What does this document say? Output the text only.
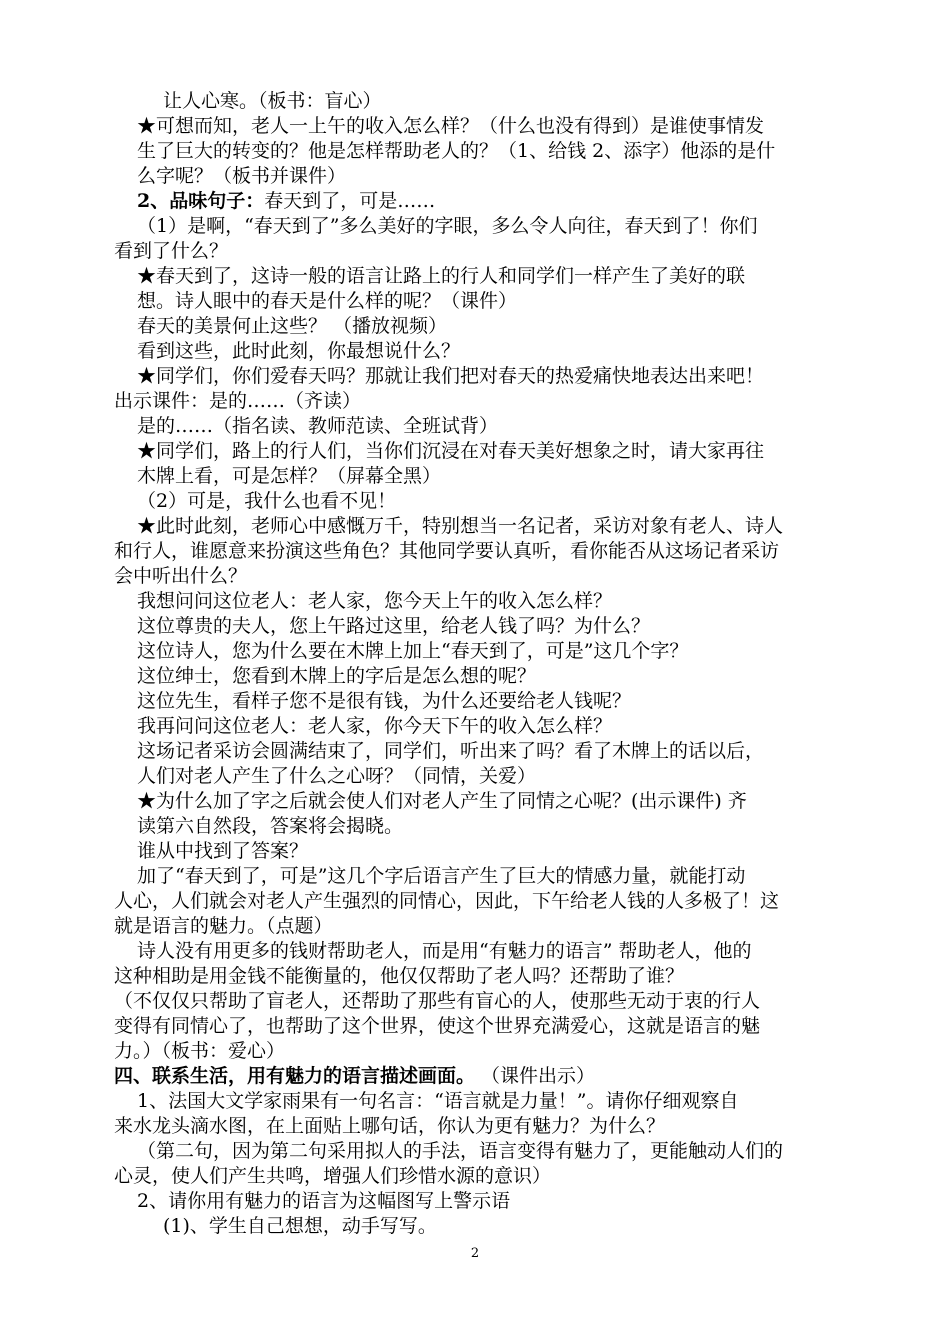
让人心寒。（板书：盲心）
★可想而知，老人一上午的收入怎么样？（什么也没有得到）是谁使事情发
生了巨大的转变的？他是怎样帮助老人的？（1、给钱 2、添字）他添的是什
么字呢？（板书并课件）
2、品味句子：春天到了，可是……
（1）是啊，“春天到了”多么美好的字眼，多么令人向往，春天到了！你们
看到了什么？
★春天到了，这诗一般的语言让路上的行人和同学们一样产生了美好的联
想。诗人眼中的春天是什么样的呢？（课件）
春天的美景何止这些？ （播放视频）
看到这些，此时此刻，你最想说什么？
★同学们，你们爱春天吗？那就让我们把对春天的热爱痛快地表达出来吧！
出示课件：是的……（齐读）
是的……（指名读、教师范读、全班试背）
★同学们，路上的行人们，当你们沉浸在对春天美好想象之时，请大家再往
木牌上看，可是怎样？（屏幕全黑）
（2）可是，我什么也看不见！
★此时此刻，老师心中感慨万千，特别想当一名记者，采访对象有老人、诗人
和行人，谁愿意来扮演这些角色？其他同学要认真听，看你能否从这场记者采访
会中听出什么？
我想问问这位老人：老人家，您今天上午的收入怎么样？
这位尊贵的夫人，您上午路过这里，给老人钱了吗？为什么？
这位诗人，您为什么要在木牌上加上“春天到了，可是”这几个字？
这位绅士，您看到木牌上的字后是怎么想的呢？
这位先生，看样子您不是很有钱，为什么还要给老人钱呢？
我再问问这位老人：老人家，你今天下午的收入怎么样？
这场记者采访会圆满结束了，同学们，听出来了吗？看了木牌上的话以后，
人们对老人产生了什么之心呀？（同情，关爱）
★为什么加了字之后就会使人们对老人产生了同情之心呢？(出示课件) 齐
读第六自然段，答案将会揭晓。
谁从中找到了答案？
加了“春天到了，可是”这几个字后语言产生了巨大的情感力量，就能打动
人心，人们就会对老人产生强烈的同情心，因此，下午给老人钱的人多极了！这
就是语言的魅力。（点题）
诗人没有用更多的钱财帮助老人，而是用“有魅力的语言” 帮助老人，他的
这种相助是用金钱不能衡量的，他仅仅帮助了老人吗？还帮助了谁？
（不仅仅只帮助了盲老人，还帮助了那些有盲心的人，使那些无动于衷的行人
变得有同情心了，也帮助了这个世界，使这个世界充满爱心，这就是语言的魅
力。）（板书：爱心）
四、联系生活，用有魅力的语言描述画面。 （课件出示）
1、法国大文学家雨果有一句名言：“语言就是力量！”。请你仔细观察自
来水龙头滴水图，在上面贴上哪句话，你认为更有魅力？为什么？
（第二句，因为第二句采用拟人的手法，语言变得有魅力了，更能触动人们的
心灵，使人们产生共鸣，增强人们珍惜水源的意识）
2、请你用有魅力的语言为这幅图写上警示语
(1)、学生自己想想，动手写写。
2
